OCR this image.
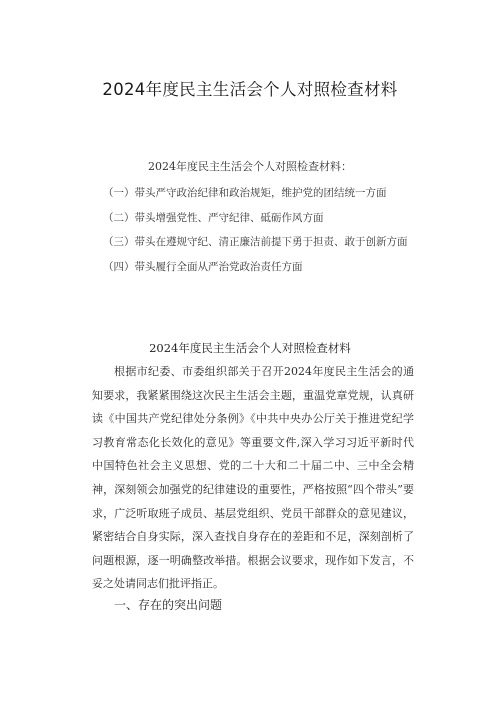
2024年度民主生活会个人对照检查材料
2024年度民主生活会个人对照检查材料：
（一）带头严守政治纪律和政治规矩，维护党的团结统一方面
（二）带头增强党性、严守纪律、砥砺作风方面
（三）带头在遵规守纪、清正廉洁前提下勇于担责、敢于创新方面
（四）带头履行全面从严治党政治责任方面
2024年度民主生活会个人对照检查材料

根据市纪委、市委组织部关于召开2024年度民主生活会的通知要求，我紧紧围绕这次民主生活会主题，重温党章党规，认真研读《中国共产党纪律处分条例》《中共中央办公厅关于推进党纪学习教育常态化长效化的意见》等重要文件,深入学习习近平新时代中国特色社会主义思想、党的二十大和二十届二中、三中全会精神，深刻领会加强党的纪律建设的重要性，严格按照“四个带头”要求，广泛听取班子成员、基层党组织、党员干部群众的意见建议，紧密结合自身实际，深入查找自身存在的差距和不足，深刻剖析了问题根源，逐一明确整改举措。根据会议要求，现作如下发言，不妥之处请同志们批评指正。

一、存在的突出问题
